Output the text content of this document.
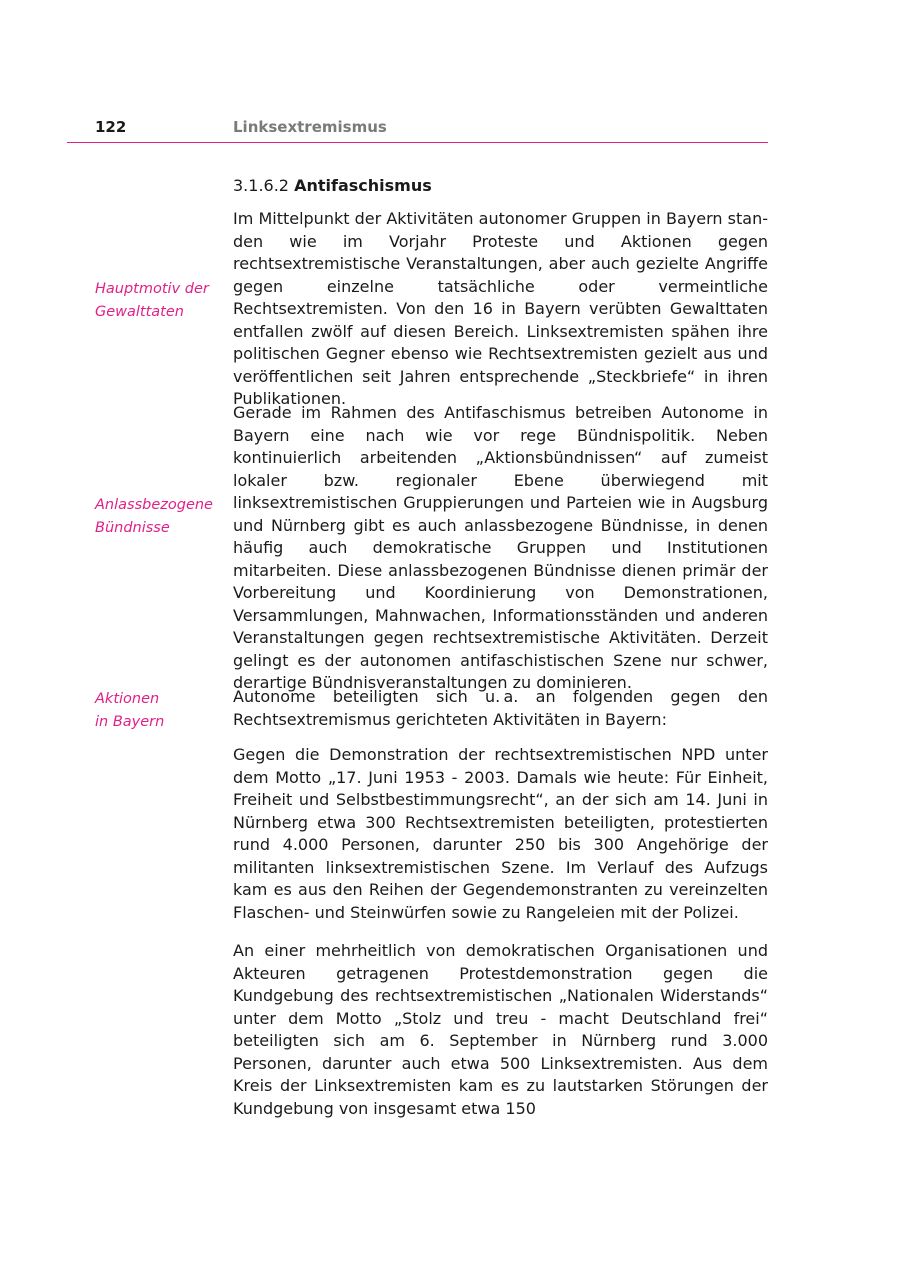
122	Linksextremismus
3.1.6.2 Antifaschismus
Hauptmotiv der
Gewalttaten
Anlassbezogene
Bündnisse
Aktionen
in Bayern

Im Mittelpunkt der Aktivitäten autonomer Gruppen in Bayern standen wie im Vorjahr Proteste und Aktionen gegen rechtsextremistische Veranstaltungen, aber auch gezielte Angriffe gegen einzelne tatsächliche oder vermeintliche Rechtsextremisten. Von den 16 in Bayern verübten Gewalttaten entfallen zwölf auf diesen Bereich. Linksextremisten spähen ihre politischen Gegner ebenso wie Rechtsextremisten gezielt aus und veröffentlichen seit Jahren entsprechende „Steckbriefe“ in ihren Publikationen.

Gerade im Rahmen des Antifaschismus betreiben Autonome in Bayern eine nach wie vor rege Bündnispolitik. Neben kontinuierlich arbeitenden „Aktionsbündnissen“ auf zumeist lokaler bzw. regionaler Ebene überwiegend mit linksextremistischen Gruppierungen und Parteien wie in Augsburg und Nürnberg gibt es auch anlassbezogene Bündnisse, in denen häufig auch demokratische Gruppen und Institutionen mitarbeiten. Diese anlassbezogenen Bündnisse dienen primär der Vorbereitung und Koordinierung von Demonstrationen, Versammlungen, Mahnwachen, Informationsständen und anderen Veranstaltungen gegen rechtsextremistische Aktivitäten. Derzeit gelingt es der autonomen antifaschistischen Szene nur schwer, derartige Bündnisveranstaltungen zu dominieren.

Autonome beteiligten sich u. a. an folgenden gegen den Rechtsextremismus gerichteten Aktivitäten in Bayern:

Gegen die Demonstration der rechtsextremistischen NPD unter dem Motto „17. Juni 1953 - 2003. Damals wie heute: Für Einheit, Freiheit und Selbstbestimmungsrecht“, an der sich am 14. Juni in Nürnberg etwa 300 Rechtsextremisten beteiligten, protestierten rund 4.000 Personen, darunter 250 bis 300 Angehörige der militanten linksextremistischen Szene. Im Verlauf des Aufzugs kam es aus den Reihen der Gegendemonstranten zu vereinzelten Flaschen- und Steinwürfen sowie zu Rangeleien mit der Polizei.

An einer mehrheitlich von demokratischen Organisationen und Akteuren getragenen Protestdemonstration gegen die Kundgebung des rechtsextremistischen „Nationalen Widerstands“ unter dem Motto „Stolz und treu - macht Deutschland frei“ beteiligten sich am 6. September in Nürnberg rund 3.000 Personen, darunter auch etwa 500 Linksextremisten. Aus dem Kreis der Linksextremisten kam es zu lautstarken Störungen der Kundgebung von insgesamt etwa 150
